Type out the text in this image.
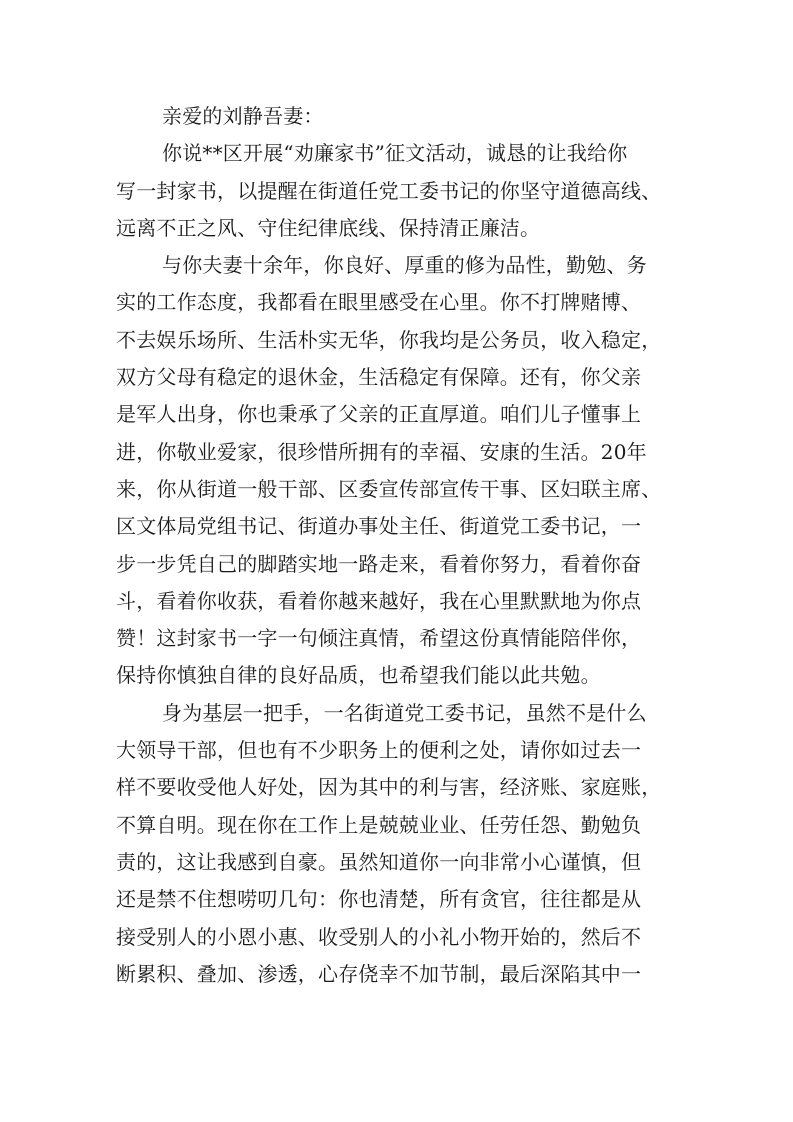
亲爱的刘静吾妻：
你说**区开展“劝廉家书”征文活动，诚恳的让我给你
写一封家书，以提醒在街道任党工委书记的你坚守道德高线、
远离不正之风、守住纪律底线、保持清正廉洁。
与你夫妻十余年，你良好、厚重的修为品性，勤勉、务
实的工作态度，我都看在眼里感受在心里。你不打牌赌博、
不去娱乐场所、生活朴实无华，你我均是公务员，收入稳定，
双方父母有稳定的退休金，生活稳定有保障。还有，你父亲
是军人出身，你也秉承了父亲的正直厚道。咱们儿子懂事上
进，你敬业爱家，很珍惜所拥有的幸福、安康的生活。20年
来，你从街道一般干部、区委宣传部宣传干事、区妇联主席、
区文体局党组书记、街道办事处主任、街道党工委书记，一
步一步凭自己的脚踏实地一路走来，看着你努力，看着你奋
斗，看着你收获，看着你越来越好，我在心里默默地为你点
赞！这封家书一字一句倾注真情，希望这份真情能陪伴你，
保持你慎独自律的良好品质，也希望我们能以此共勉。
身为基层一把手，一名街道党工委书记，虽然不是什么
大领导干部，但也有不少职务上的便利之处，请你如过去一
样不要收受他人好处，因为其中的利与害，经济账、家庭账，
不算自明。现在你在工作上是兢兢业业、任劳任怨、勤勉负
责的，这让我感到自豪。虽然知道你一向非常小心谨慎，但
还是禁不住想唠叨几句：你也清楚，所有贪官，往往都是从
接受别人的小恩小惠、收受别人的小礼小物开始的，然后不
断累积、叠加、渗透，心存侥幸不加节制，最后深陷其中一
